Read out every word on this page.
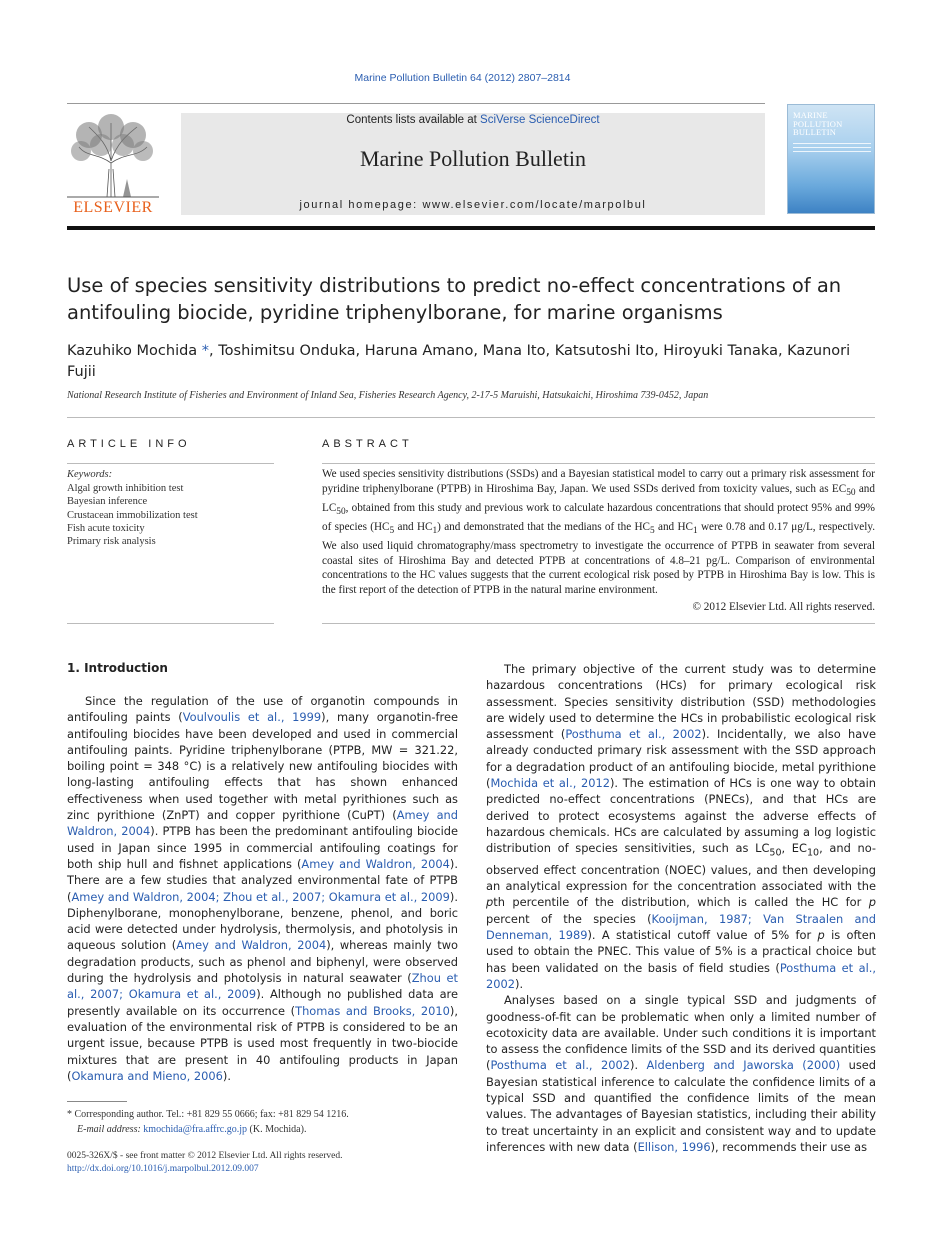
Marine Pollution Bulletin 64 (2012) 2807–2814
ELSEVIER
Contents lists available at SciVerse ScienceDirect
Marine Pollution Bulletin
journal homepage: www.elsevier.com/locate/marpolbul
MARINE POLLUTION BULLETIN
Use of species sensitivity distributions to predict no-effect concentrations of an antifouling biocide, pyridine triphenylborane, for marine organisms
Kazuhiko Mochida *, Toshimitsu Onduka, Haruna Amano, Mana Ito, Katsutoshi Ito, Hiroyuki Tanaka, Kazunori Fujii
National Research Institute of Fisheries and Environment of Inland Sea, Fisheries Research Agency, 2-17-5 Maruishi, Hatsukaichi, Hiroshima 739-0452, Japan
ARTICLE INFO
Keywords:
Algal growth inhibition test
Bayesian inference
Crustacean immobilization test
Fish acute toxicity
Primary risk analysis
ABSTRACT
We used species sensitivity distributions (SSDs) and a Bayesian statistical model to carry out a primary risk assessment for pyridine triphenylborane (PTPB) in Hiroshima Bay, Japan. We used SSDs derived from toxicity values, such as $EC_{50}$ and $LC_{50}$, obtained from this study and previous work to calculate hazardous concentrations that should protect 95% and 99% of species ($HC_5$ and $HC_1$) and demonstrated that the medians of the $HC_5$ and $HC_1$ were 0.78 and 0.17 μg/L, respectively. We also used liquid chromatography/mass spectrometry to investigate the occurrence of PTPB in seawater from several coastal sites of Hiroshima Bay and detected PTPB at concentrations of 4.8–21 pg/L. Comparison of environmental concentrations to the HC values suggests that the current ecological risk posed by PTPB in Hiroshima Bay is low. This is the first report of the detection of PTPB in the natural marine environment.
© 2012 Elsevier Ltd. All rights reserved.
1. Introduction

Since the regulation of the use of organotin compounds in antifouling paints (Voulvoulis et al., 1999), many organotin-free antifouling biocides have been developed and used in commercial antifouling paints. Pyridine triphenylborane (PTPB, MW = 321.22, boiling point = 348 °C) is a relatively new antifouling biocides with long-lasting antifouling effects that has shown enhanced effectiveness when used together with metal pyrithiones such as zinc pyrithione (ZnPT) and copper pyrithione (CuPT) (Amey and Waldron, 2004). PTPB has been the predominant antifouling biocide used in Japan since 1995 in commercial antifouling coatings for both ship hull and fishnet applications (Amey and Waldron, 2004). There are a few studies that analyzed environmental fate of PTPB (Amey and Waldron, 2004; Zhou et al., 2007; Okamura et al., 2009). Diphenylborane, monophenylborane, benzene, phenol, and boric acid were detected under hydrolysis, thermolysis, and photolysis in aqueous solution (Amey and Waldron, 2004), whereas mainly two degradation products, such as phenol and biphenyl, were observed during the hydrolysis and photolysis in natural seawater (Zhou et al., 2007; Okamura et al., 2009). Although no published data are presently available on its occurrence (Thomas and Brooks, 2010), evaluation of the environmental risk of PTPB is considered to be an urgent issue, because PTPB is used most frequently in two-biocide mixtures that are present in 40 antifouling products in Japan (Okamura and Mieno, 2006).

The primary objective of the current study was to determine hazardous concentrations (HCs) for primary ecological risk assessment. Species sensitivity distribution (SSD) methodologies are widely used to determine the HCs in probabilistic ecological risk assessment (Posthuma et al., 2002). Incidentally, we also have already conducted primary risk assessment with the SSD approach for a degradation product of an antifouling biocide, metal pyrithione (Mochida et al., 2012). The estimation of HCs is one way to obtain predicted no-effect concentrations (PNECs), and that HCs are derived to protect ecosystems against the adverse effects of hazardous chemicals. HCs are calculated by assuming a log logistic distribution of species sensitivities, such as $LC_{50}$, $EC_{10}$, and no-observed effect concentration (NOEC) values, and then developing an analytical expression for the concentration associated with the pth percentile of the distribution, which is called the HC for p percent of the species (Kooijman, 1987; Van Straalen and Denneman, 1989). A statistical cutoff value of 5% for p is often used to obtain the PNEC. This value of 5% is a practical choice but has been validated on the basis of field studies (Posthuma et al., 2002).

Analyses based on a single typical SSD and judgments of goodness-of-fit can be problematic when only a limited number of ecotoxicity data are available. Under such conditions it is important to assess the confidence limits of the SSD and its derived quantities (Posthuma et al., 2002). Aldenberg and Jaworska (2000) used Bayesian statistical inference to calculate the confidence limits of a typical SSD and quantified the confidence limits of the mean values. The advantages of Bayesian statistics, including their ability to treat uncertainty in an explicit and consistent way and to update inferences with new data (Ellison, 1996), recommends their use as

* Corresponding author. Tel.: +81 829 55 0666; fax: +81 829 54 1216.
E-mail address: kmochida@fra.affrc.go.jp (K. Mochida).
0025-326X/$ - see front matter © 2012 Elsevier Ltd. All rights reserved.
http://dx.doi.org/10.1016/j.marpolbul.2012.09.007
